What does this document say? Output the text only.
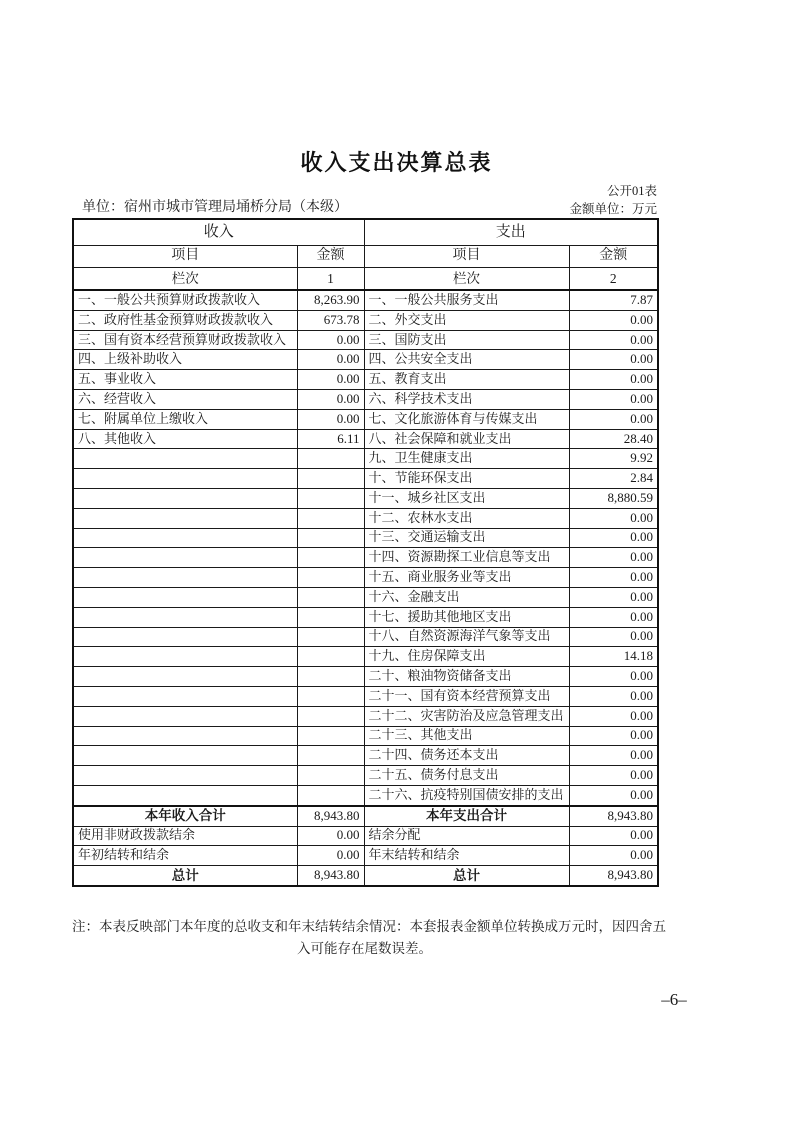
收入支出决算总表
公开01表
单位：宿州市城市管理局埇桥分局（本级）	金额单位：万元
收入		支出	
项目	金额	项目	金额
栏次	1	栏次	2
一、一般公共预算财政拨款收入	8,263.90	一、一般公共服务支出	7.87
二、政府性基金预算财政拨款收入	673.78	二、外交支出	0.00
三、国有资本经营预算财政拨款收入	0.00	三、国防支出	0.00
四、上级补助收入	0.00	四、公共安全支出	0.00
五、事业收入	0.00	五、教育支出	0.00
六、经营收入	0.00	六、科学技术支出	0.00
七、附属单位上缴收入	0.00	七、文化旅游体育与传媒支出	0.00
八、其他收入	6.11	八、社会保障和就业支出	28.40
		九、卫生健康支出	9.92
		十、节能环保支出	2.84
		十一、城乡社区支出	8,880.59
		十二、农林水支出	0.00
		十三、交通运输支出	0.00
		十四、资源勘探工业信息等支出	0.00
		十五、商业服务业等支出	0.00
		十六、金融支出	0.00
		十七、援助其他地区支出	0.00
		十八、自然资源海洋气象等支出	0.00
		十九、住房保障支出	14.18
		二十、粮油物资储备支出	0.00
		二十一、国有资本经营预算支出	0.00
		二十二、灾害防治及应急管理支出	0.00
		二十三、其他支出	0.00
		二十四、债务还本支出	0.00
		二十五、债务付息支出	0.00
		二十六、抗疫特别国债安排的支出	0.00
本年收入合计	8,943.80	本年支出合计	8,943.80
使用非财政拨款结余	0.00	结余分配	0.00
年初结转和结余	0.00	年末结转和结余	0.00
总计	8,943.80	总计	8,943.80
注：本表反映部门本年度的总收支和年末结转结余情况：本套报表金额单位转换成万元时，因四舍五
入可能存在尾数误差。
–6–
